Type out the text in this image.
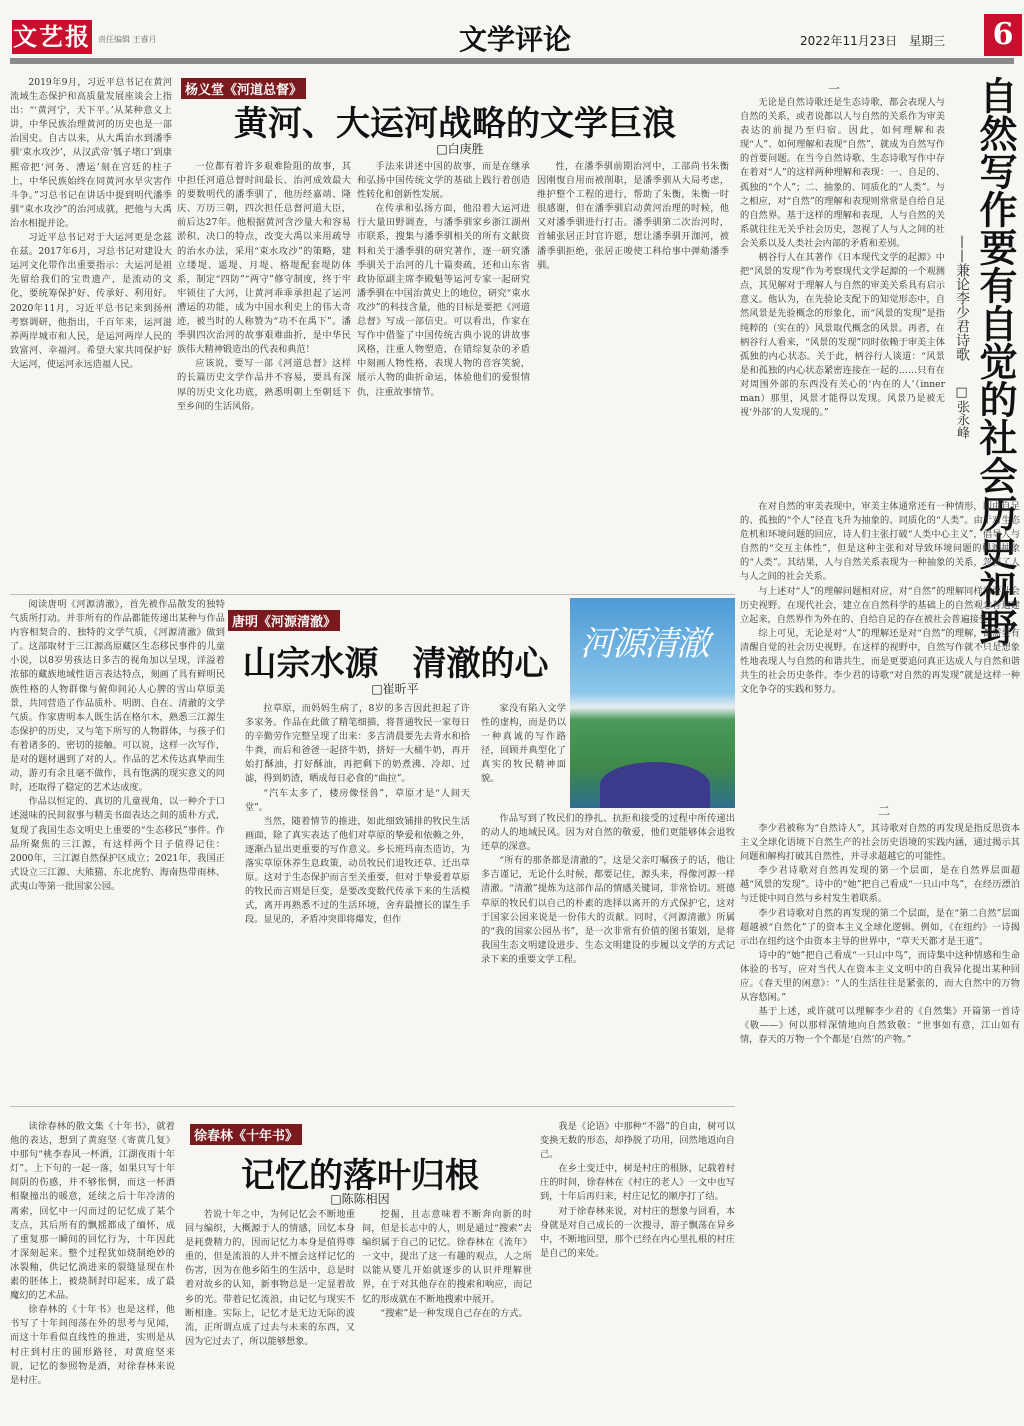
文艺报 责任编辑 王睿月	文学评论	2022年11月23日　星期三 6
杨义堂《河道总督》
黄河、大运河战略的文学巨浪
□白庚胜

2019年9月，习近平总书记在黄河流域生态保护和高质量发展座谈会上指出：“‘黄河宁，天下平。’从某种意义上讲，中华民族治理黄河的历史也是一部治国史。自古以来，从大禹治水到潘季驯‘束水攻沙’，从汉武帝‘瓠子堵口’到康熙帝把‘河务、漕运’刻在宫廷的柱子上，中华民族始终在同黄河水旱灾害作斗争。”习总书记在讲话中提到明代潘季驯“束水攻沙”的治河成就，把他与大禹治水相提并论。

习近平总书记对于大运河更是念兹在兹。2017年6月，习总书记对建设大运河文化带作出重要指示：大运河是祖先留给我们的宝贵遗产，是流动的文化，要统筹保护好、传承好、利用好。2020年11月，习近平总书记来到扬州考察调研，他指出，千百年来，运河滋养两岸城市和人民，是运河两岸人民的致富河、幸福河。希望大家共同保护好大运河，使运河永远造福人民。

一位都有着许多艰难险阻的故事，其中担任河道总督时间最长、治河成效最大的要数明代的潘季驯了，他历经嘉靖、隆庆、万历三朝，四次担任总督河道大臣，前后达27年。他根据黄河含沙量大和容易淤积、决口的特点，改变大禹以来用疏导的治水办法，采用“束水攻沙”的策略，建立缕堤、遥堤、月堤、格堤配套堤防体系，制定“四防”“两守”修守制度，终于牢牢锁住了大河，让黄河乖乖承担起了运河漕运的功能，成为中国水利史上的伟大奇迹，被当时的人称赞为“功不在禹下”。潘季驯四次治河的故事艰难曲折，是中华民族伟大精神锻造出的代表和典范！

应该说，要写一部《河道总督》这样的长篇历史文学作品并不容易，要具有深厚的历史文化功底，熟悉明朝上至朝廷下至乡间的生活风俗。

手法来讲述中国的故事，而是在继承和弘扬中国传统文学的基础上践行着创造性转化和创新性发展。

在传承和弘扬方面，他沿着大运河进行大量田野调查，与潘季驯家乡浙江湖州市联系，搜集与潘季驯相关的所有文献资料和关于潘季驯的研究著作，逐一研究潘季驯关于治河的几十篇奏疏，还和山东省政协原副主席李殿魁等运河专家一起研究潘季驯在中国治黄史上的地位，研究“束水攻沙”的科技含量，他的目标是要把《河道总督》写成一部信史。可以看出，作家在写作中借鉴了中国传统古典小说的讲故事风格，注重人物塑造，在错综复杂的矛盾中刻画人物性格，表现人物的音容笑貌，展示人物的曲折命运，体验他们的爱恨情仇，注重故事情节。

性，在潘季驯前期治河中，工部尚书朱衡因刚愎自用而被削职，是潘季驯从大局考虑，维护整个工程的进行，帮助了朱衡，朱衡一时很感谢，但在潘季驯启动黄河治理的时候，他又对潘季驯进行打击。潘季驯第二次治河时，首辅张居正封官许愿，想让潘季驯开泇河，被潘季驯拒绝，张居正唆使工科给事中弹劾潘季驯。

一	自然写作要有自觉的社会历史视野
——兼论李少君诗歌
□张永峰

无论是自然诗歌还是生态诗歌，都会表现人与自然的关系，或者说都以人与自然的关系作为审美表达的前提乃至归宿。因此，如何理解和表现“人”、如何理解和表现“自然”，就成为自然写作的首要问题。在当今自然诗歌、生态诗歌写作中存在着对“人”的这样两种理解和表现：一、自足的、孤独的“个人”；二、抽象的、同质化的“人类”。与之相应，对“自然”的理解和表现则常常是自给自足的自然界。基于这样的理解和表现，人与自然的关系就往往无关乎社会历史，忽视了人与人之间的社会关系以及人类社会内部的矛盾和差别。

柄谷行人在其著作《日本现代文学的起源》中把“风景的发现”作为考察现代文学起源的一个观测点，其见解对于理解人与自然的审美关系具有启示意义。他认为，在先验论支配下的知觉形态中，自然风景是先验概念的形象化，而“风景的发现”是指纯粹的（实在的）风景取代概念的风景。再者，在柄谷行人看来，“风景的发现”同时依赖于审美主体孤独的内心状态。关于此，柄谷行人谈道：“风景是和孤独的内心状态紧密连接在一起的……只有在对周围外部的东西没有关心的‘内在的人’（inner man）那里，风景才能得以发现。风景乃是被无视‘外部’的人发现的。”

在对自然的审美表现中，审美主体通常还有一种情形，即由自足的、孤独的“个人”径直飞升为抽象的、同质化的“人类”。由于对生态危机和环境问题的回应，诗人们主张打破“人类中心主义”，倡导人与自然的“交互主体性”，但是这种主张和对导致环境问题的根源抽象的“人类”。其结果，人与自然关系表现为一种抽象的关系，忽视了人与人之间的社会关系。

与上述对“人”的理解问题相对应，对“自然”的理解同样需要社会历史视野。在现代社会，建立在自然科学的基础上的自然观念普遍建立起来，自然界作为外在的、自给自足的存在被社会普遍接受。

综上可见，无论是对“人”的理解还是对“自然”的理解，都需要有清醒自觉的社会历史视野。在这样的视野中，自然写作就不只是想象性地表现人与自然的和谐共生，而是更要追问真正达成人与自然和谐共生的社会历史条件。李少君的诗歌“对自然的再发现”就是这样一种文化争夺的实践和努力。

二

李少君被称为“自然诗人”，其诗歌对自然的再发现是指反思资本主义全球化语境下自然生产的社会历史语境的实践内涵，通过揭示其问题和解构打破其自然性，并寻求超越它的可能性。

李少君诗歌对自然再发现的第一个层面，是在自然界层面超越“风景的发现”。诗中的“她”把自己看成“一只山中鸟”，在经历漂泊与迁徙中同自然与乡村发生着联系。

李少君诗歌对自然的再发现的第二个层面，是在“第二自然”层面超越被“自然化”了的资本主义全球化逻辑。例如，《在纽约》一诗揭示出在纽约这个由资本主导的世界中，“草天天都才是王道”。

诗中的“她”把自己看成“一只山中鸟”，而诗集中这种情感和生命体验的书写，应对当代人在资本主义文明中的自我异化提出某种回应。《春天里的闲意》：“人的生活往往是紧张的，而大自然中的万物从容悠闲。”

基于上述，或许就可以理解李少君的《自然集》开篇第一首诗《敬——》何以那样深情地向自然致敬：“世事如有意，江山如有情，春天的万物一个个都是‘自然’的产物。”

阅读唐明《河源清澈》，首先被作品散发的独特气质所打动。并非所有的作品都能传递出某种与作品内容相契合的、独特的文学气质，《河源清澈》做到了。这部取材于三江源高原藏区生态移民事件的儿童小说，以8岁男孩达日多吉的视角加以呈现，洋溢着浓郁的藏族地域性语言表达特点，刻画了具有鲜明民族性格的人物群像与俯仰间沁人心脾的雪山草原美景，共同营造了作品质朴、明朗、自在、清澈的文学气质。作家唐明本人既生活在格尔木，熟悉三江源生态保护的历史，又与笔下所写的人物群体，与孩子们有着诸多的、密切的接触。可以说，这样一次写作，是对的题材遇到了对的人。作品的艺术传达真挚而生动，游刃有余且毫不做作，具有饱满的现实意义的同时，还取得了稳定的艺术达成度。

作品以恒定的、真切的儿童视角，以一种介于口述滋味的民间叙事与精美书面表达之间的质朴方式，复现了我国生态文明史上重要的“生态移民”事件。作品所聚焦的三江源，有这样两个日子值得记住：2000年，三江源自然保护区成立；2021年，我国正式设立三江源、大熊猫、东北虎豹、海南热带雨林、武夷山等第一批国家公园。

唐明《河源清澈》
山宗水源　清澈的心
□崔昕平
河源清澈

拉草原，而妈妈生病了，8岁的多吉因此担起了许多家务。作品在此做了精笔细描，将普通牧民一家每日的辛勤劳作完整呈现了出来：多吉清晨要先去背水和拾牛粪，而后和爸爸一起挤牛奶，挤好一大桶牛奶，再开始打酥油，打好酥油，再把剩下的奶煮沸、冷却、过滤，得到奶渣，晒成每日必食的“曲拉”。

“汽车太多了，楼房像怪兽”，草原才是“人间天堂”。

当然，随着情节的推进，如此细致铺排的牧民生活画面，除了真实表达了他们对草原的挚爱和依赖之外，逐渐凸显出更重要的写作意义。乡长班玛南杰造访，为落实草原休养生息政策，动员牧民们退牧还草、迁出草原。这对于生态保护而言至关重要，但对于挚爱着草原的牧民而言则是巨变，是要改变数代传承下来的生活模式，离开再熟悉不过的生活环境，舍弃最擅长的谋生手段。显见的，矛盾冲突即将爆发，但作

家没有陷入文学性的虚构，而是仍以一种真诚的写作路径，回顾并典型化了真实的牧民精神面貌。

作品写到了牧民们的挣扎、抗拒和接受的过程中所传递出的动人的地域民风。因为对自然的敬爱，他们更能够体会退牧还草的深意。

“所有的那条都是清澈的”，这是父亲叮嘱孩子的话，他让多吉谨记，无论什么时候，都要记住，源头来，得像河源一样清澈。“清澈”提炼为这部作品的情感关键词，非常恰切。班德草原的牧民们以自己的朴素的选择以离开的方式保护它，这对于国家公园来说是一份伟大的贡献。同时，《河源清澈》所属的“我的国家公园丛书”，是一次非常有价值的图书策划，是将我国生态文明建设进步、生态文明建设的步履以文学的方式记录下来的重要文学工程。

读徐春林的散文集《十年书》，就着他的表达，想到了黄庭坚《寄黄几复》中那句“桃李春风一杯酒，江湖夜雨十年灯”。上下句的一起一落，如果只写十年间阴的伤感，并不够怅惘，而这一杯酒相聚撞出的暖意，延续之后十年冷清的离索，回忆中一闪而过的记忆成了某个支点，其后所有的飘摇都成了缅怀，成了重复那一瞬间的回忆行为，十年因此才深刻起来。整个过程犹如烧制绝妙的冰裂釉，供记忆淌进来的裂缝显现在朴素的胚体上，被烧制封印起来，成了最魔幻的艺术品。

徐春林的《十年书》也是这样，他书写了十年间闯荡在外的思考与见闻，而这十年看似直线性的推进，实则是从村庄到村庄的圆形路径，对黄庭坚来说，记忆的参照物是酒，对徐春林来说是村庄。

徐春林《十年书》
记忆的落叶归根
□陈陈相因

若说十年之中，为何记忆会不断地重回与编织，大概源于人的情感，回忆本身是耗费精力的，因而记忆力本身是值得尊重的，但是流浪的人并不擅会这样记忆的伤害，因为在他乡陌生的生活中，总是时着对故乡的认知，新事物总是一定显着故乡的光。带着记忆流浪，由记忆与现实不断相逢。实际上，记忆才是无边无际的波流，正所谓点成了过去与未来的东西，又因为它过去了，所以能够想象。

挖掘，且志意味着不断奔向新的时间，但是长志中的人，则是通过“搜索”去编织属于自己的记忆。徐春林在《流年》一文中，提出了这一有趣的观点，人之所以能从婴儿开始就逐步的认识并理解世界，在于对其他存在的搜索和响应，而记忆的形成就在不断地搜索中展开。

“搜索”是一种发现自己存在的方式。

我是《论语》中那种“不器”的自由，树可以变换无数的形态，却挣脱了功用，回然地返向自己。

在乡土变迁中，树是村庄的根脉，记载着村庄的时间，徐春林在《村庄的老人》一文中也写到，十年后再归来，村庄记忆的顺序打了结。

对于徐春林来说，对村庄的想象与回看，本身就是对自己成长的一次搜寻，游子飘荡在异乡中，不断地回望，那个已经在内心里扎根的村庄是自己的来处。
